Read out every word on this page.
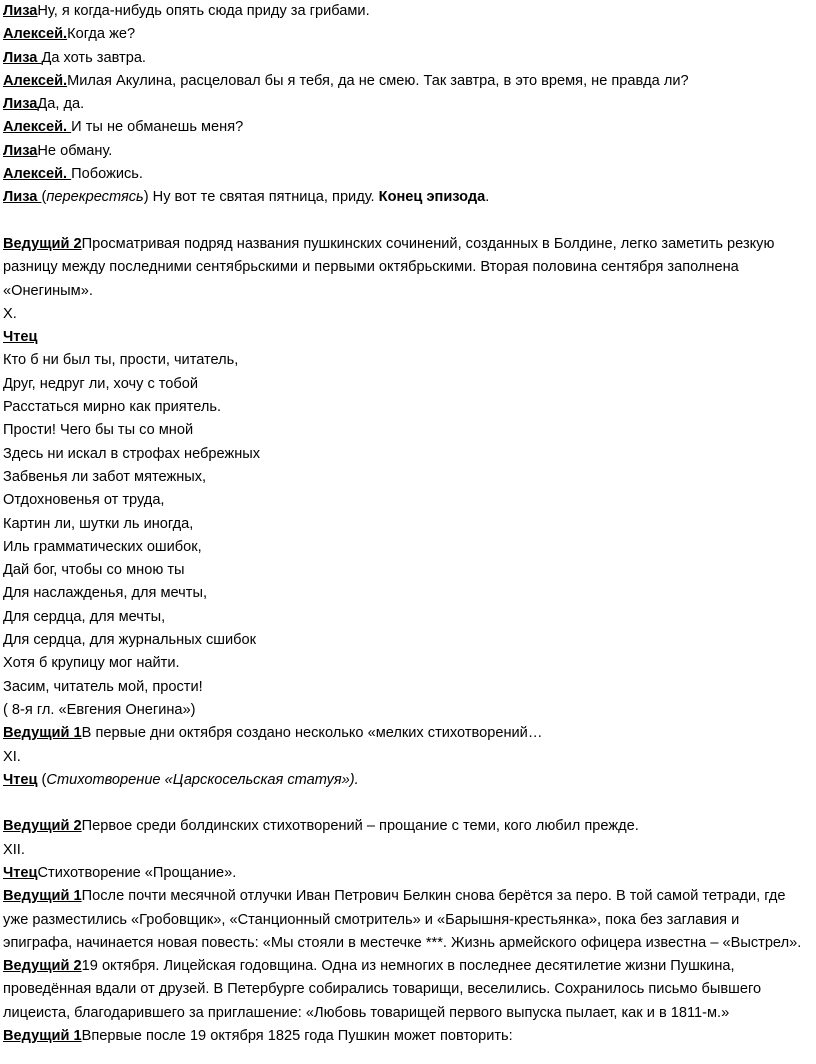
ЛизаНу, я когда-нибудь опять сюда приду за грибами.

Алексей.Когда же?

Лиза Да хоть завтра.

Алексей.Милая Акулина, расцеловал бы я тебя, да не смею. Так завтра, в это время, не правда ли?

ЛизаДа, да.

Алексей. И ты не обманешь меня?

ЛизаНе обману.

Алексей. Побожись.

Лиза (перекрестясь) Ну вот те святая пятница, приду. Конец эпизода.

Ведущий 2Просматривая подряд названия пушкинских сочинений, созданных в Болдине, легко заметить резкую разницу между последними сентябрьскими и первыми октябрьскими. Вторая половина сентября заполнена «Онегиным».

X.

Чтец

Кто б ни был ты, прости, читатель,

Друг, недруг ли, хочу с тобой

Расстаться мирно как приятель.

Прости! Чего бы ты со мной

Здесь ни искал в строфах небрежных

Забвенья ли забот мятежных,

Отдохновенья от труда,

Картин ли, шутки ль иногда,

Иль грамматических ошибок,

Дай бог, чтобы со мною ты

Для наслажденья, для мечты,

Для сердца, для мечты,

Для сердца, для журнальных сшибок

Хотя б крупицу мог найти.

Засим, читатель мой, прости!

( 8-я гл. «Евгения Онегина»)

Ведущий 1В первые дни октября создано несколько «мелких стихотворений…

XI.

Чтец (Стихотворение «Царскосельская статуя»).

Ведущий 2Первое среди болдинских стихотворений – прощание с теми, кого любил прежде.

XII.

ЧтецСтихотворение «Прощание».

Ведущий 1После почти месячной отлучки Иван Петрович Белкин снова берётся за перо. В той самой тетради, где уже разместились «Гробовщик», «Станционный смотритель» и «Барышня-крестьянка», пока без заглавия и эпиграфа, начинается новая повесть: «Мы стояли в местечке ***. Жизнь армейского офицера известна – «Выстрел».

Ведущий 219 октября. Лицейская годовщина. Одна из немногих в последнее десятилетие жизни Пушкина, проведённая вдали от друзей. В Петербурге собирались товарищи, веселились. Сохранилось письмо бывшего лицеиста, благодарившего за приглашение: «Любовь товарищей первого выпуска пылает, как и в 1811-м.»

Ведущий 1Впервые после 19 октября 1825 года Пушкин может повторить:
